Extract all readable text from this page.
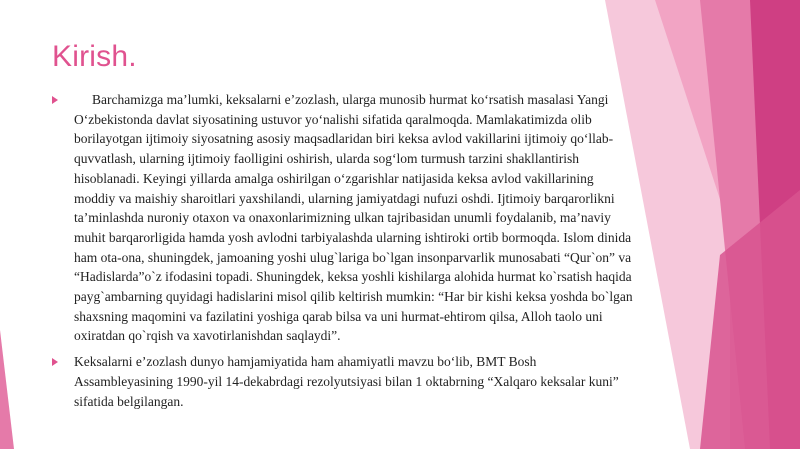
Kirish.
Barchamizga ma’lumki, keksalarni e’zozlash, ularga munosib hurmat ko‘rsatish masalasi Yangi O‘zbekistonda davlat siyosatining ustuvor yo‘nalishi sifatida qaralmoqda. Mamlakatimizda olib borilayotgan ijtimoiy siyosatning asosiy maqsadlaridan biri keksa avlod vakillarini ijtimoiy qo‘llab-quvvatlash, ularning ijtimoiy faolligini oshirish, ularda sog‘lom turmush tarzini shakllantirish hisoblanadi. Keyingi yillarda amalga oshirilgan o‘zgarishlar natijasida keksa avlod vakillarining moddiy va maishiy sharoitlari yaxshilandi, ularning jamiyatdagi nufuzi oshdi. Ijtimoiy barqarorlikni ta’minlashda nuroniy otaxon va onaxonlarimizning ulkan tajribasidan unumli foydalanib, ma’naviy muhit barqarorligida hamda yosh avlodni tarbiyalashda ularning ishtiroki ortib bormoqda. Islom dinida ham ota-ona, shuningdek, jamoaning yoshi ulug`lariga bo`lgan insonparvarlik munosabati “Qur`on” va “Hadislarda”o`z ifodasini topadi. Shuningdek, keksa yoshli kishilarga alohida hurmat ko`rsatish haqida payg`ambarning quyidagi hadislarini misol qilib keltirish mumkin: “Har bir kishi keksa yoshda bo`lgan shaxsning maqomini va fazilatini yoshiga qarab bilsa va uni hurmat-ehtirom qilsa, Alloh taolo uni oxiratdan qo`rqish va xavotirlanishdan saqlaydi”.
Keksalarni e’zozlash dunyo hamjamiyatida ham ahamiyatli mavzu bo‘lib, BMT Bosh Assambleyasining 1990-yil 14-dekabrdagi rezolyutsiyasi bilan 1 oktabrning “Xalqaro keksalar kuni” sifatida belgilangan.
